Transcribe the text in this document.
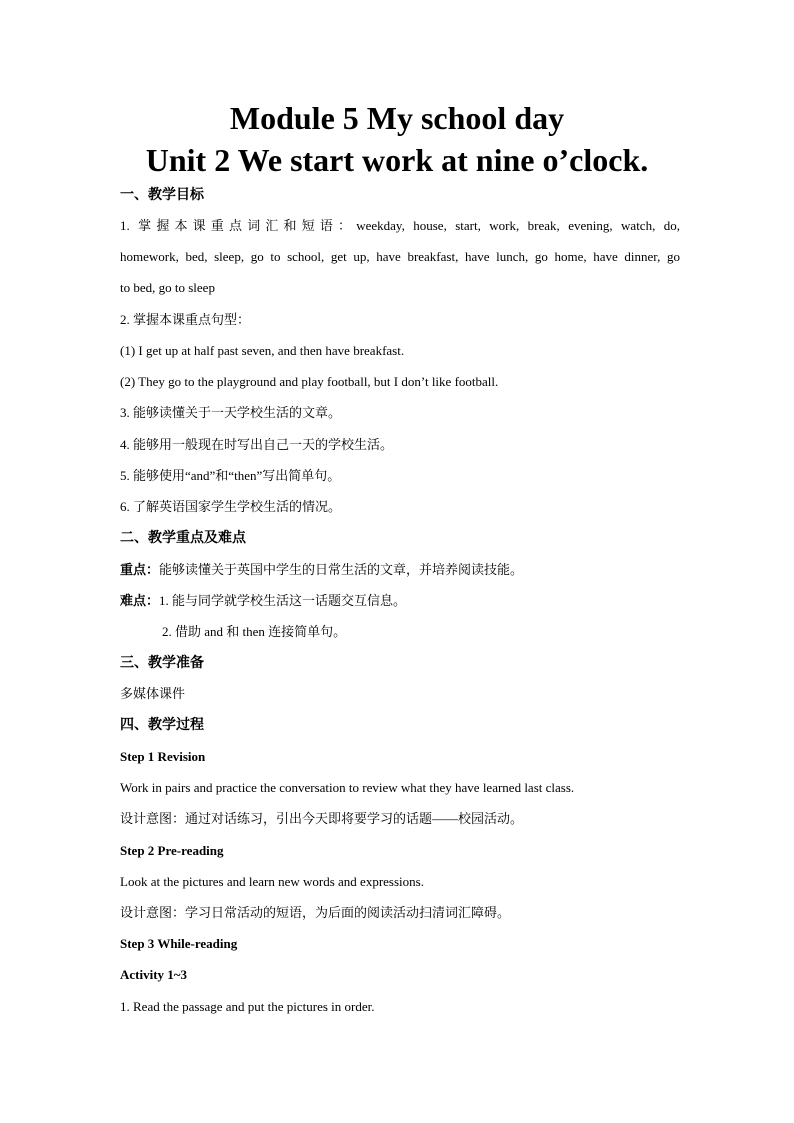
Module 5 My school day
Unit 2 We start work at nine o’clock.
一、教学目标
1. 掌握本课重点词汇和短语：weekday, house, start, work, break, evening, watch, do,
homework, bed, sleep, go to school, get up, have breakfast, have lunch, go home, have dinner, go
to bed, go to sleep
2. 掌握本课重点句型：
(1) I get up at half past seven, and then have breakfast.
(2) They go to the playground and play football, but I don’t like football.
3. 能够读懂关于一天学校生活的文章。
4. 能够用一般现在时写出自己一天的学校生活。
5. 能够使用“and”和“then”写出简单句。
6. 了解英语国家学生学校生活的情况。
二、教学重点及难点
重点：能够读懂关于英国中学生的日常生活的文章，并培养阅读技能。
难点：1. 能与同学就学校生活这一话题交互信息。
2. 借助 and 和 then 连接简单句。
三、教学准备
多媒体课件
四、教学过程
Step 1 Revision
Work in pairs and practice the conversation to review what they have learned last class.
设计意图：通过对话练习，引出今天即将要学习的话题——校园活动。
Step 2 Pre-reading
Look at the pictures and learn new words and expressions.
设计意图：学习日常活动的短语，为后面的阅读活动扫清词汇障碍。
Step 3 While-reading
Activity 1~3
1. Read the passage and put the pictures in order.
